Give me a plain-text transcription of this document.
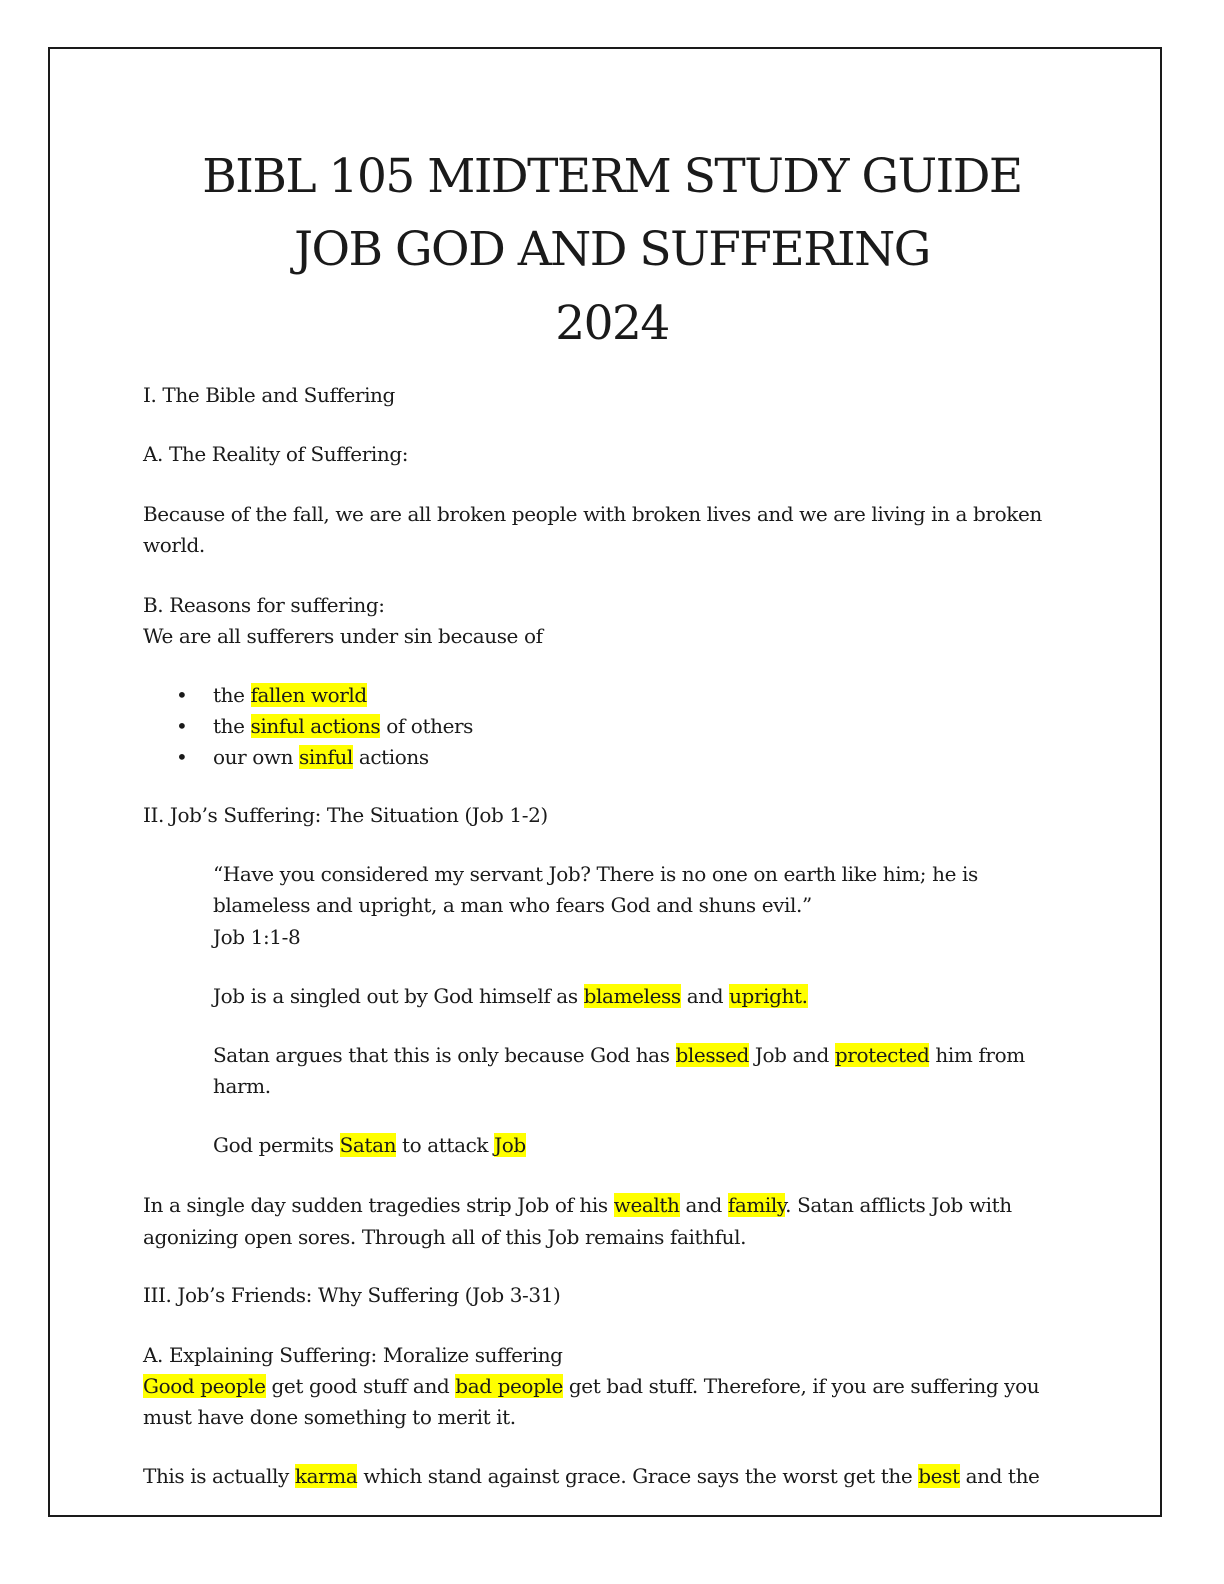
BIBL 105 MIDTERM STUDY GUIDE
JOB GOD AND SUFFERING
2024
I. The Bible and Suffering
A. The Reality of Suffering:
Because of the fall, we are all broken people with broken lives and we are living in a broken
world.
B. Reasons for suffering:
We are all sufferers under sin because of
• the fallen world
• the sinful actions of others
• our own sinful actions
II. Job’s Suffering: The Situation (Job 1-2)
“Have you considered my servant Job? There is no one on earth like him; he is
blameless and upright, a man who fears God and shuns evil.”
Job 1:1-8
Job is a singled out by God himself as blameless and upright.
Satan argues that this is only because God has blessed Job and protected him from
harm.
God permits Satan to attack Job
In a single day sudden tragedies strip Job of his wealth and family. Satan afflicts Job with
agonizing open sores. Through all of this Job remains faithful.
III. Job’s Friends: Why Suffering (Job 3-31)
A. Explaining Suffering: Moralize suffering
Good people get good stuff and bad people get bad stuff. Therefore, if you are suffering you
must have done something to merit it.
This is actually karma which stand against grace. Grace says the worst get the best and the
